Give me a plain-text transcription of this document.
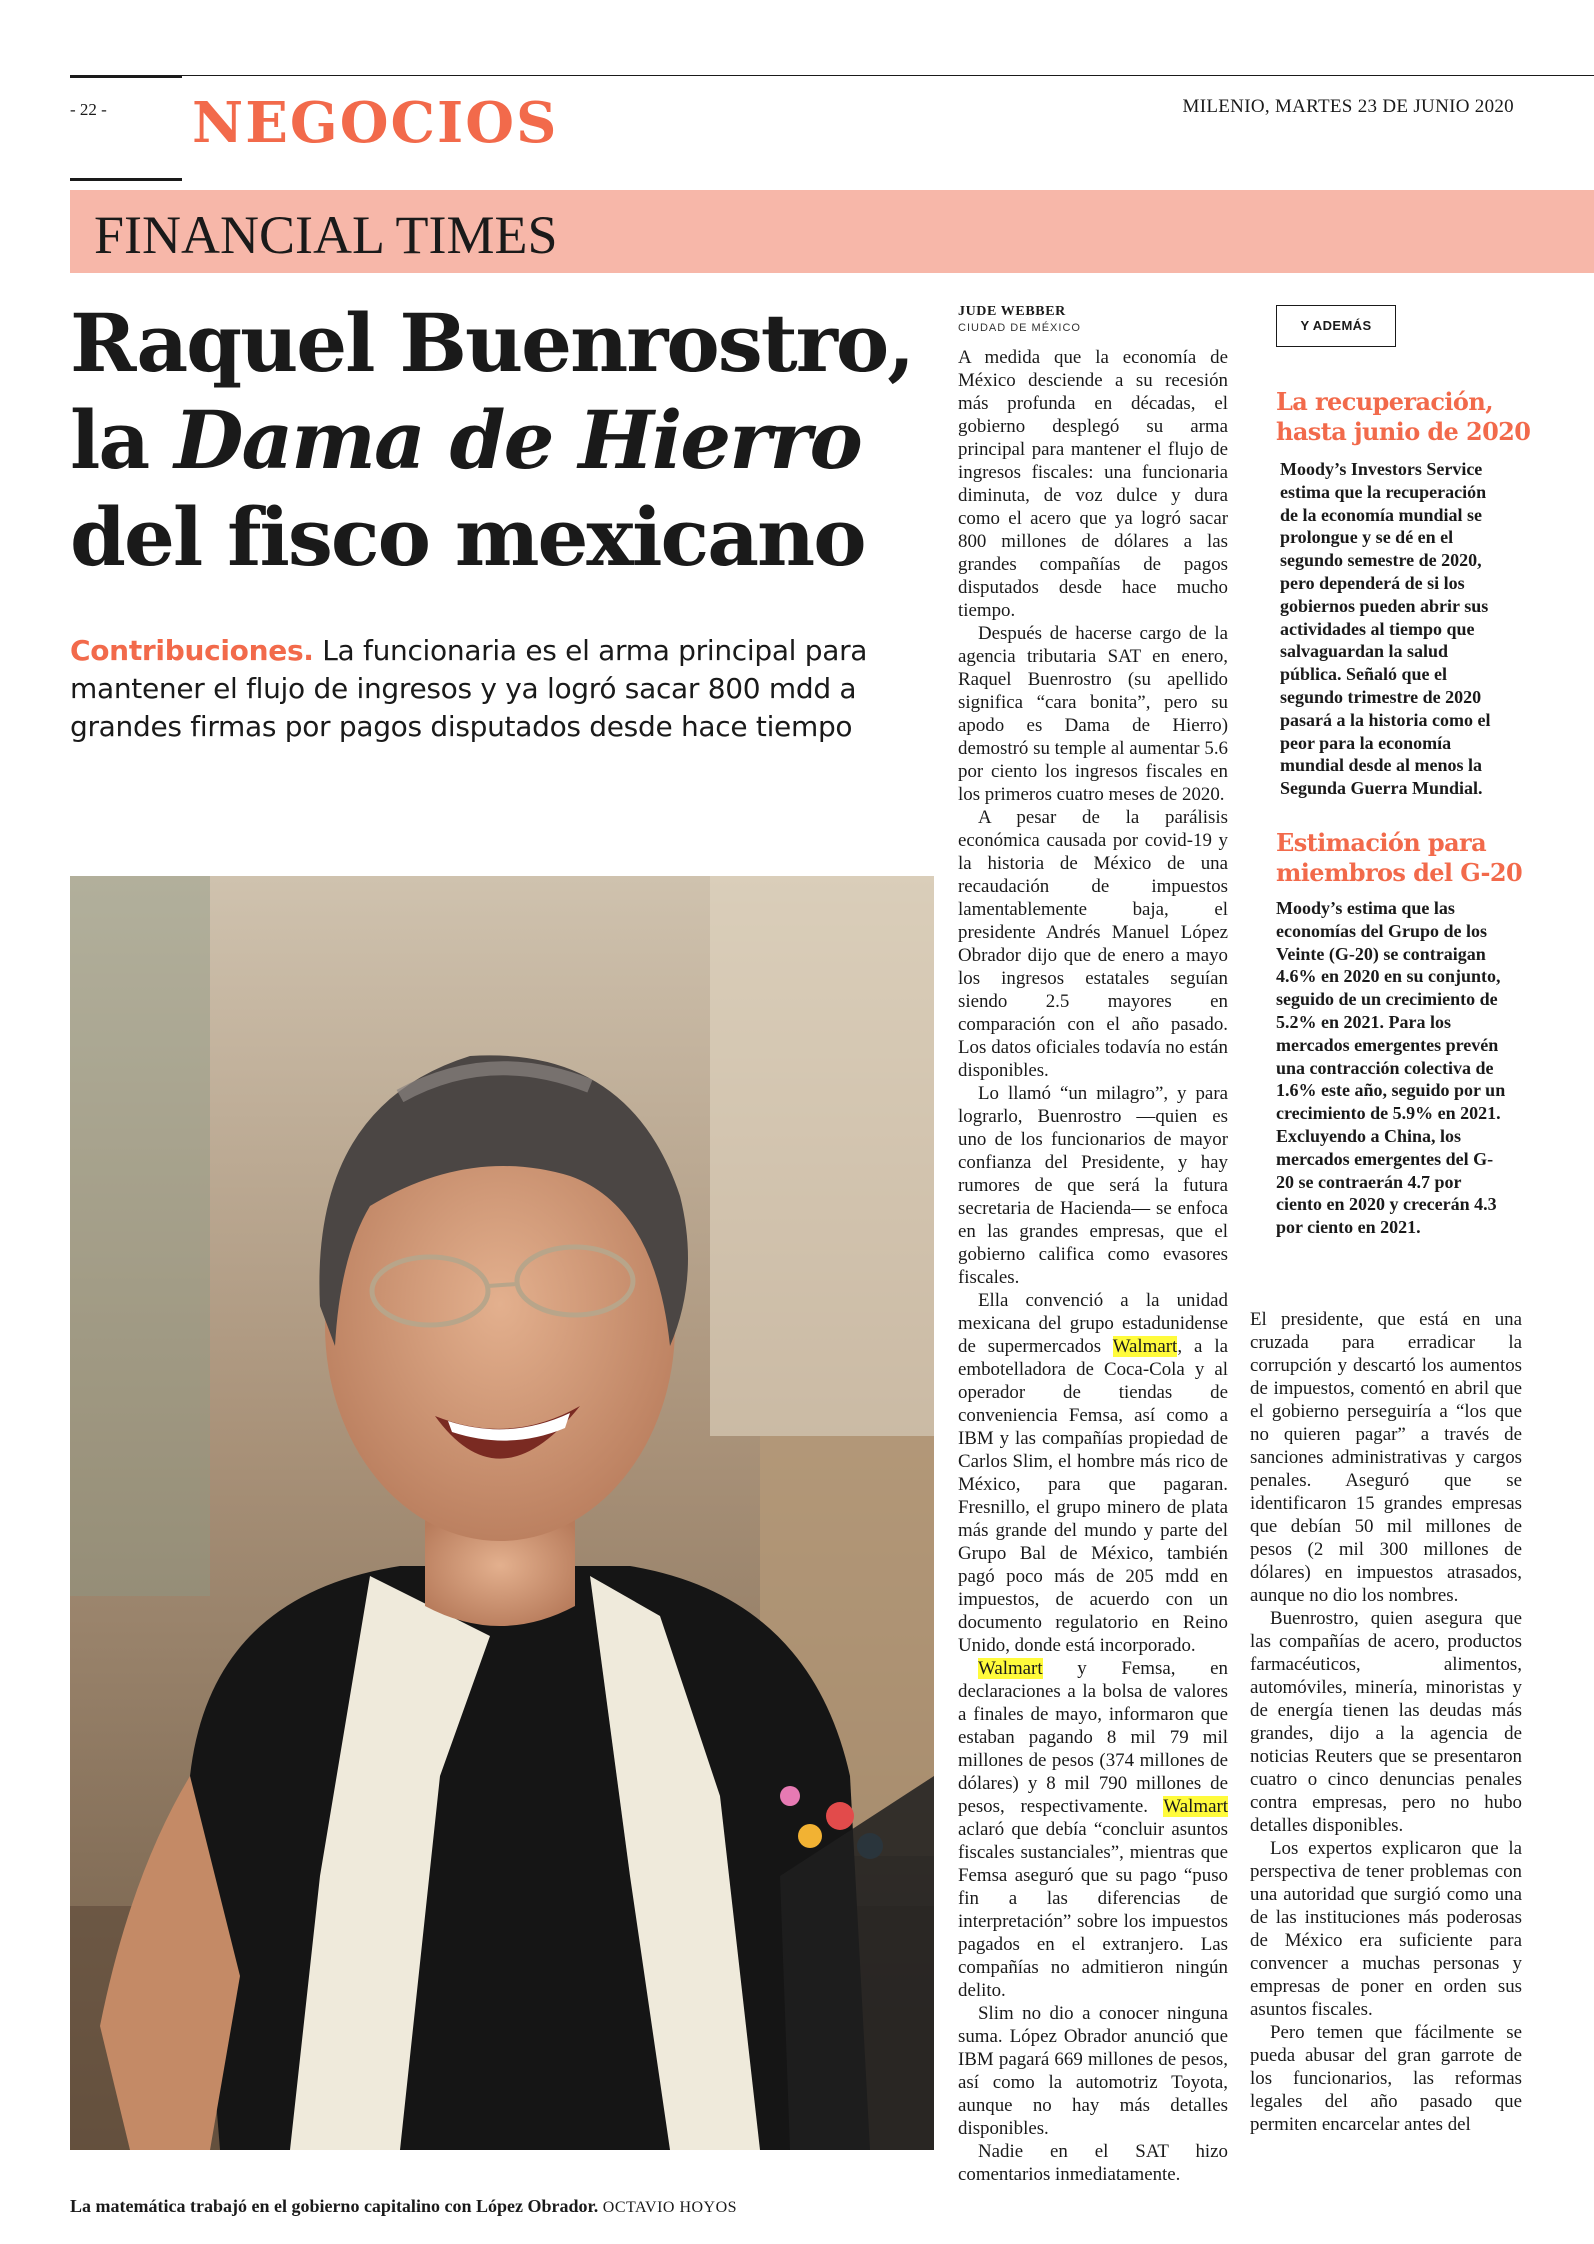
- 22 - NEGOCIOS	MILENIO, MARTES 23 DE JUNIO 2020
FINANCIAL TIMES
Raquel Buenrostro,
la Dama de Hierro
del fisco mexicano
Contribuciones. La funcionaria es el arma principal para mantener el flujo de ingresos y ya logró sacar 800 mdd a grandes firmas por pagos disputados desde hace tiempo
La matemática trabajó en el gobierno capitalino con López Obrador. OCTAVIO HOYOS
JUDE WEBBER
CIUDAD DE MÉXICO

A medida que la economía de México desciende a su recesión más profunda en décadas, el gobierno desplegó su arma principal para mantener el flujo de ingresos fiscales: una funcionaria diminuta, de voz dulce y dura como el acero que ya logró sacar 800 millones de dólares a las grandes compañías de pagos disputados desde hace mucho tiempo.

Después de hacerse cargo de la agencia tributaria SAT en enero, Raquel Buenrostro (su apellido significa “cara bonita”, pero su apodo es Dama de Hierro) demostró su temple al aumentar 5.6 por ciento los ingresos fiscales en los primeros cuatro meses de 2020.

A pesar de la parálisis económica causada por covid-19 y la historia de México de una recaudación de impuestos lamentablemente baja, el presidente Andrés Manuel López Obrador dijo que de enero a mayo los ingresos estatales seguían siendo 2.5 mayores en comparación con el año pasado. Los datos oficiales todavía no están disponibles.

Lo llamó “un milagro”, y para lograrlo, Buenrostro —quien es uno de los funcionarios de mayor confianza del Presidente, y hay rumores de que será la futura secretaria de Hacienda— se enfoca en las grandes empresas, que el gobierno califica como evasores fiscales.

Ella convenció a la unidad mexicana del grupo estadunidense de supermercados Walmart, a la embotelladora de Coca-Cola y al operador de tiendas de conveniencia Femsa, así como a IBM y las compañías propiedad de Carlos Slim, el hombre más rico de México, para que pagaran. Fresnillo, el grupo minero de plata más grande del mundo y parte del Grupo Bal de México, también pagó poco más de 205 mdd en impuestos, de acuerdo con un documento regulatorio en Reino Unido, donde está incorporado.

Walmart y Femsa, en declaraciones a la bolsa de valores a finales de mayo, informaron que estaban pagando 8 mil 79 mil millones de pesos (374 millones de dólares) y 8 mil 790 millones de pesos, respectivamente. Walmart aclaró que debía “concluir asuntos fiscales sustanciales”, mientras que Femsa aseguró que su pago “puso fin a las diferencias de interpretación” sobre los impuestos pagados en el extranjero. Las compañías no admitieron ningún delito.

Slim no dio a conocer ninguna suma. López Obrador anunció que IBM pagará 669 millones de pesos, así como la automotriz Toyota, aunque no hay más detalles disponibles.

Nadie en el SAT hizo comentarios inmediatamente.

Y ADEMÁS
La recuperación, hasta junio de 2020
Moody’s Investors Service estima que la recuperación de la economía mundial se prolongue y se dé en el segundo semestre de 2020, pero dependerá de si los gobiernos pueden abrir sus actividades al tiempo que salvaguardan la salud pública. Señaló que el segundo trimestre de 2020 pasará a la historia como el peor para la economía mundial desde al menos la Segunda Guerra Mundial.
Estimación para miembros del G-20
Moody’s estima que las economías del Grupo de los Veinte (G-20) se contraigan 4.6% en 2020 en su conjunto, seguido de un crecimiento de 5.2% en 2021. Para los mercados emergentes prevén una contracción colectiva de 1.6% este año, seguido por un crecimiento de 5.9% en 2021. Excluyendo a China, los mercados emergentes del G-20 se contraerán 4.7 por ciento en 2020 y crecerán 4.3 por ciento en 2021.

El presidente, que está en una cruzada para erradicar la corrupción y descartó los aumentos de impuestos, comentó en abril que el gobierno perseguiría a “los que no quieren pagar” a través de sanciones administrativas y cargos penales. Aseguró que se identificaron 15 grandes empresas que debían 50 mil millones de pesos (2 mil 300 millones de dólares) en impuestos atrasados, aunque no dio los nombres.

Buenrostro, quien asegura que las compañías de acero, productos farmacéuticos, alimentos, automóviles, minería, minoristas y de energía tienen las deudas más grandes, dijo a la agencia de noticias Reuters que se presentaron cuatro o cinco denuncias penales contra empresas, pero no hubo detalles disponibles.

Los expertos explicaron que la perspectiva de tener problemas con una autoridad que surgió como una de las instituciones más poderosas de México era suficiente para convencer a muchas personas y empresas de poner en orden sus asuntos fiscales.

Pero temen que fácilmente se pueda abusar del gran garrote de los funcionarios, las reformas legales del año pasado que permiten encarcelar antes del
